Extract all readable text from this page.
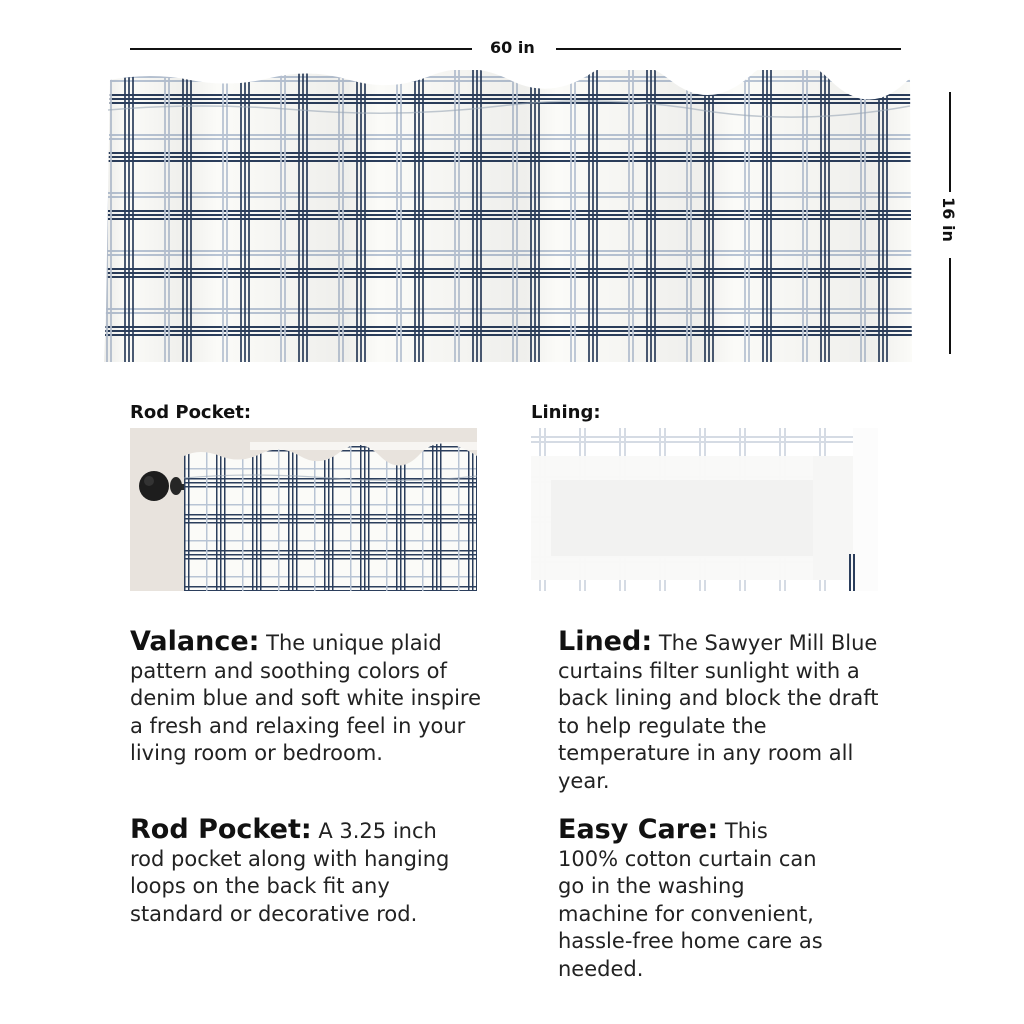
60 in
16 in
Rod Pocket:	Lining:
Valance: The unique plaid pattern and soothing colors of denim blue and soft white inspire a fresh and relaxing feel in your living room or bedroom.
Lined: The Sawyer Mill Blue curtains filter sunlight with a back lining and block the draft to help regulate the temperature in any room all year.
Rod Pocket: A 3.25 inch rod pocket along with hanging loops on the back fit any standard or decorative rod.
Easy Care: This 100% cotton curtain can go in the washing machine for convenient, hassle-free home care as needed.
